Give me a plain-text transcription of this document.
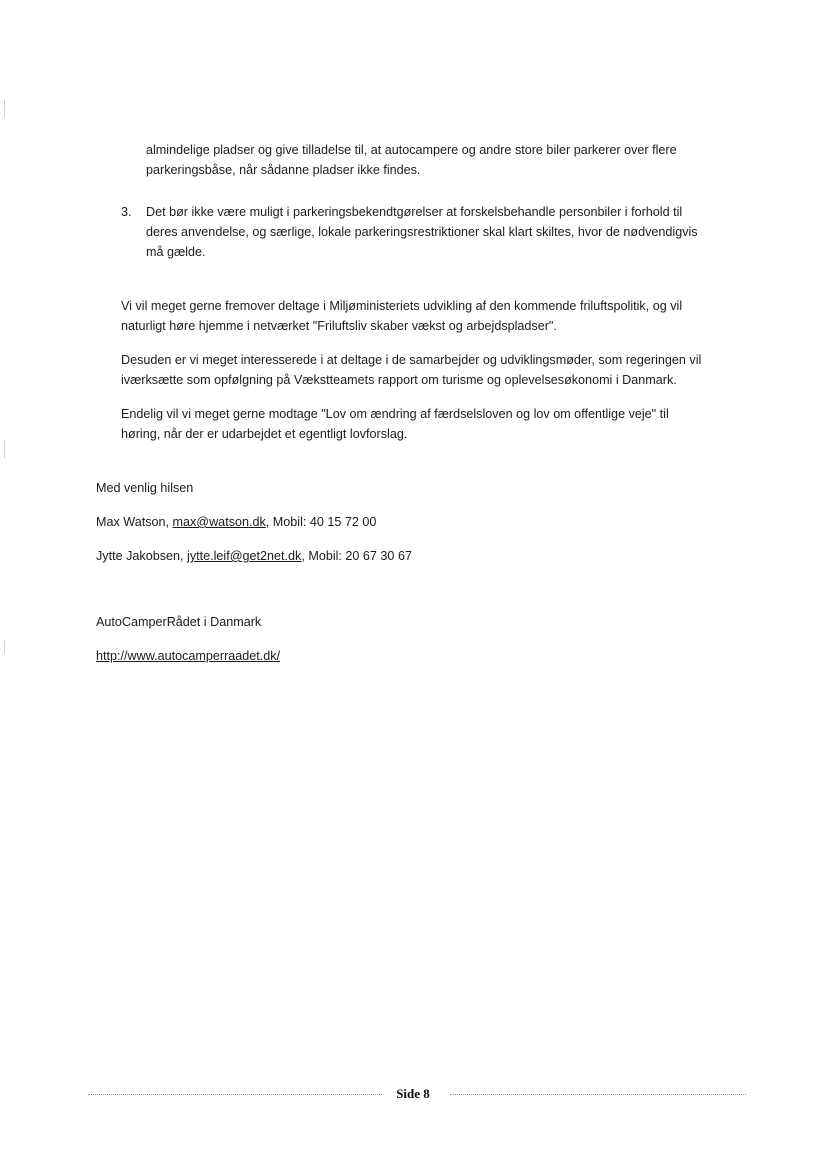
almindelige pladser og give tilladelse til, at autocampere og andre store biler parkerer over flere
parkeringsbåse, når sådanne pladser ikke findes.
3. Det bør ikke være muligt i parkeringsbekendtgørelser at forskelsbehandle personbiler i forhold til
deres anvendelse, og særlige, lokale parkeringsrestriktioner skal klart skiltes, hvor de nødvendigvis
må gælde.
Vi vil meget gerne fremover deltage i Miljøministeriets udvikling af den kommende friluftspolitik, og vil
naturligt høre hjemme i netværket "Friluftsliv skaber vækst og arbejdspladser".
Desuden er vi meget interesserede i at deltage i de samarbejder og udviklingsmøder, som regeringen vil
iværksætte som opfølgning på Vækstteamets rapport om turisme og oplevelsesøkonomi i Danmark.
Endelig vil vi meget gerne modtage "Lov om ændring af færdselsloven og lov om offentlige veje" til
høring, når der er udarbejdet et egentligt lovforslag.
Med venlig hilsen
Max Watson, max@watson.dk, Mobil: 40 15 72 00
Jytte Jakobsen, jytte.leif@get2net.dk, Mobil: 20 67 30 67
AutoCamperRådet i Danmark
http://www.autocamperraadet.dk/
Side 8
